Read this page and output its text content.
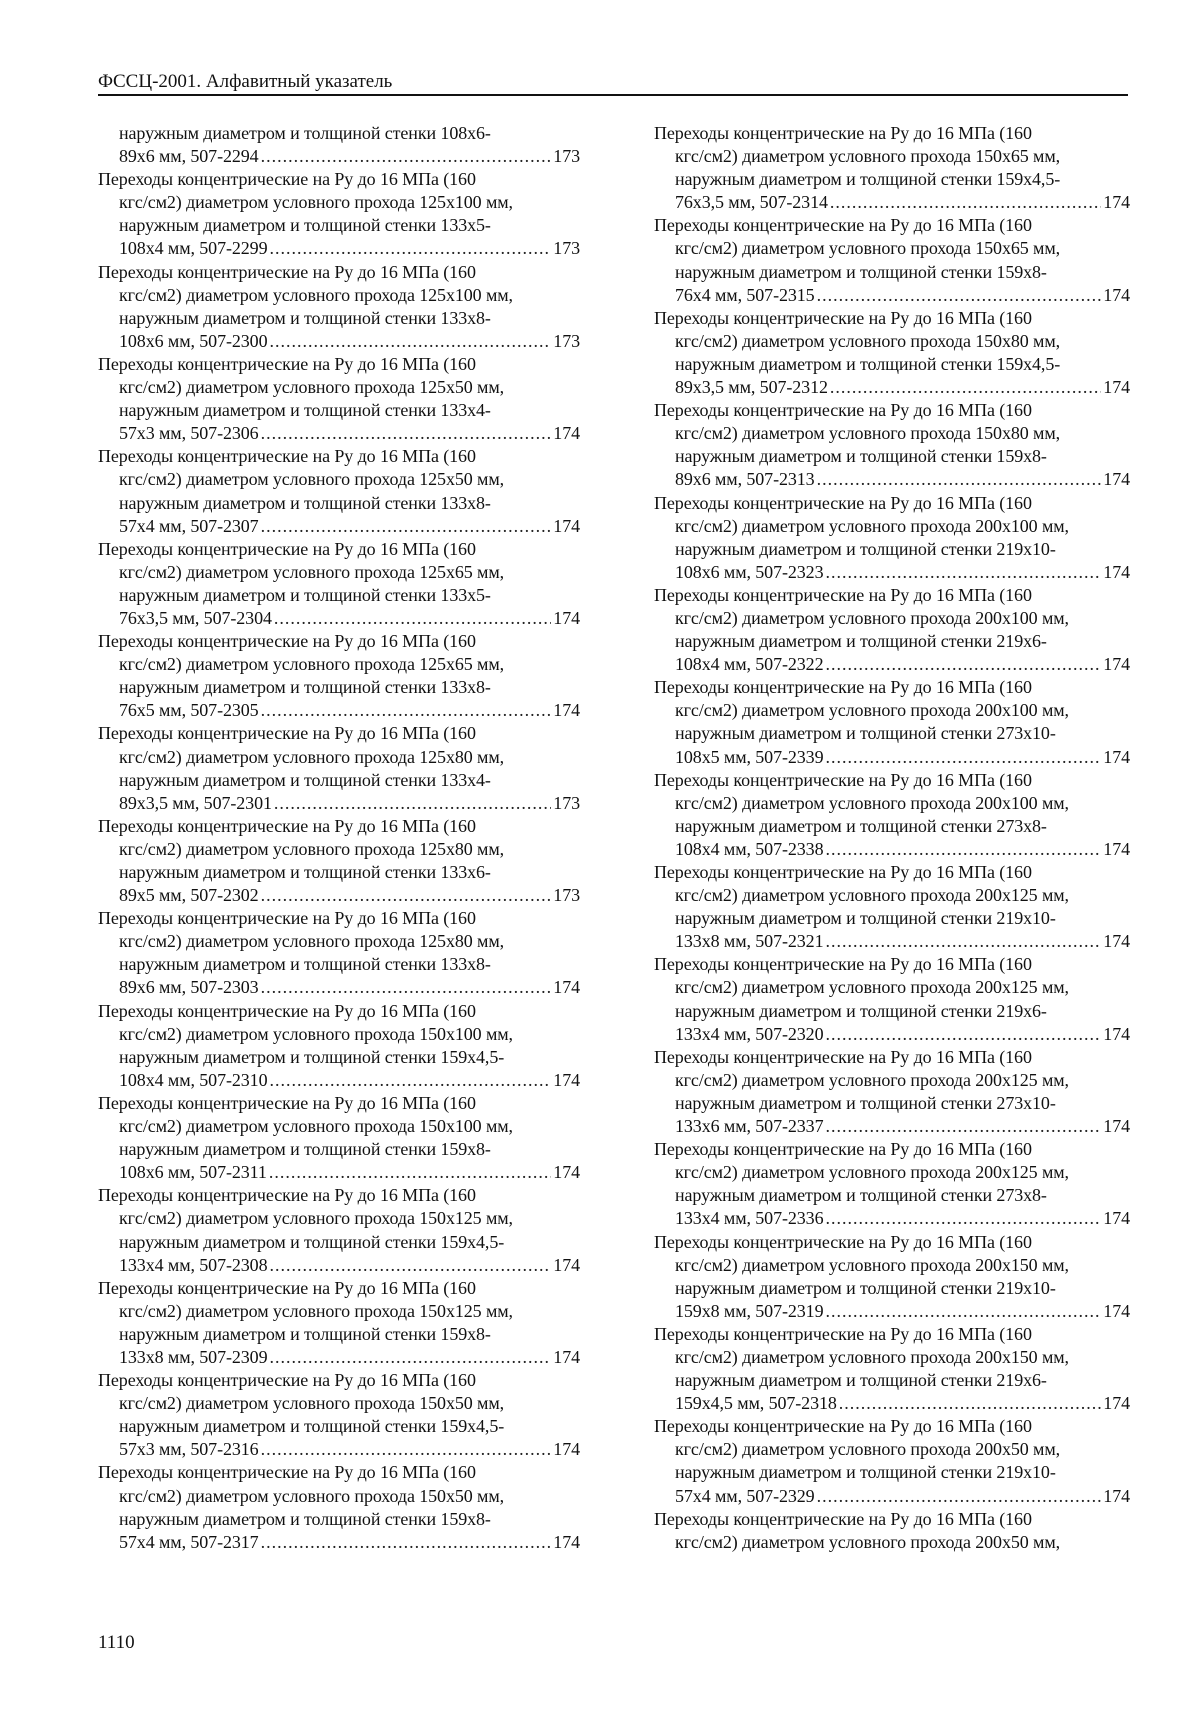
ФССЦ-2001. Алфавитный указатель
наружным диаметром и толщиной стенки 108х6-
89х6 мм, 507-2294 .....	173
Переходы концентрические на Ру до 16 МПа (160
кгс/см2) диаметром условного прохода 125х100 мм,
наружным диаметром и толщиной стенки 133х5-
108х4 мм, 507-2299 .....	173
Переходы концентрические на Ру до 16 МПа (160
кгс/см2) диаметром условного прохода 125х100 мм,
наружным диаметром и толщиной стенки 133х8-
108х6 мм, 507-2300 .....	173
Переходы концентрические на Ру до 16 МПа (160
кгс/см2) диаметром условного прохода 125х50 мм,
наружным диаметром и толщиной стенки 133х4-
57х3 мм, 507-2306 .....	174
Переходы концентрические на Ру до 16 МПа (160
кгс/см2) диаметром условного прохода 125х50 мм,
наружным диаметром и толщиной стенки 133х8-
57х4 мм, 507-2307 .....	174
Переходы концентрические на Ру до 16 МПа (160
кгс/см2) диаметром условного прохода 125х65 мм,
наружным диаметром и толщиной стенки 133х5-
76х3,5 мм, 507-2304 .....	174
Переходы концентрические на Ру до 16 МПа (160
кгс/см2) диаметром условного прохода 125х65 мм,
наружным диаметром и толщиной стенки 133х8-
76х5 мм, 507-2305 .....	174
Переходы концентрические на Ру до 16 МПа (160
кгс/см2) диаметром условного прохода 125х80 мм,
наружным диаметром и толщиной стенки 133х4-
89х3,5 мм, 507-2301 .....	173
Переходы концентрические на Ру до 16 МПа (160
кгс/см2) диаметром условного прохода 125х80 мм,
наружным диаметром и толщиной стенки 133х6-
89х5 мм, 507-2302 .....	173
Переходы концентрические на Ру до 16 МПа (160
кгс/см2) диаметром условного прохода 125х80 мм,
наружным диаметром и толщиной стенки 133х8-
89х6 мм, 507-2303 .....	174
Переходы концентрические на Ру до 16 МПа (160
кгс/см2) диаметром условного прохода 150х100 мм,
наружным диаметром и толщиной стенки 159х4,5-
108х4 мм, 507-2310 .....	174
Переходы концентрические на Ру до 16 МПа (160
кгс/см2) диаметром условного прохода 150х100 мм,
наружным диаметром и толщиной стенки 159х8-
108х6 мм, 507-2311 .....	174
Переходы концентрические на Ру до 16 МПа (160
кгс/см2) диаметром условного прохода 150х125 мм,
наружным диаметром и толщиной стенки 159х4,5-
133х4 мм, 507-2308 .....	174
Переходы концентрические на Ру до 16 МПа (160
кгс/см2) диаметром условного прохода 150х125 мм,
наружным диаметром и толщиной стенки 159х8-
133х8 мм, 507-2309 .....	174
Переходы концентрические на Ру до 16 МПа (160
кгс/см2) диаметром условного прохода 150х50 мм,
наружным диаметром и толщиной стенки 159х4,5-
57х3 мм, 507-2316 .....	174
Переходы концентрические на Ру до 16 МПа (160
кгс/см2) диаметром условного прохода 150х50 мм,
наружным диаметром и толщиной стенки 159х8-
57х4 мм, 507-2317 .....	174
Переходы концентрические на Ру до 16 МПа (160
кгс/см2) диаметром условного прохода 150х65 мм,
наружным диаметром и толщиной стенки 159х4,5-
76х3,5 мм, 507-2314 .....	174
Переходы концентрические на Ру до 16 МПа (160
кгс/см2) диаметром условного прохода 150х65 мм,
наружным диаметром и толщиной стенки 159х8-
76х4 мм, 507-2315 .....	174
Переходы концентрические на Ру до 16 МПа (160
кгс/см2) диаметром условного прохода 150х80 мм,
наружным диаметром и толщиной стенки 159х4,5-
89х3,5 мм, 507-2312 .....	174
Переходы концентрические на Ру до 16 МПа (160
кгс/см2) диаметром условного прохода 150х80 мм,
наружным диаметром и толщиной стенки 159х8-
89х6 мм, 507-2313 .....	174
Переходы концентрические на Ру до 16 МПа (160
кгс/см2) диаметром условного прохода 200х100 мм,
наружным диаметром и толщиной стенки 219х10-
108х6 мм, 507-2323 .....	174
Переходы концентрические на Ру до 16 МПа (160
кгс/см2) диаметром условного прохода 200х100 мм,
наружным диаметром и толщиной стенки 219х6-
108х4 мм, 507-2322 .....	174
Переходы концентрические на Ру до 16 МПа (160
кгс/см2) диаметром условного прохода 200х100 мм,
наружным диаметром и толщиной стенки 273х10-
108х5 мм, 507-2339 .....	174
Переходы концентрические на Ру до 16 МПа (160
кгс/см2) диаметром условного прохода 200х100 мм,
наружным диаметром и толщиной стенки 273х8-
108х4 мм, 507-2338 .....	174
Переходы концентрические на Ру до 16 МПа (160
кгс/см2) диаметром условного прохода 200х125 мм,
наружным диаметром и толщиной стенки 219х10-
133х8 мм, 507-2321 .....	174
Переходы концентрические на Ру до 16 МПа (160
кгс/см2) диаметром условного прохода 200х125 мм,
наружным диаметром и толщиной стенки 219х6-
133х4 мм, 507-2320 .....	174
Переходы концентрические на Ру до 16 МПа (160
кгс/см2) диаметром условного прохода 200х125 мм,
наружным диаметром и толщиной стенки 273х10-
133х6 мм, 507-2337 .....	174
Переходы концентрические на Ру до 16 МПа (160
кгс/см2) диаметром условного прохода 200х125 мм,
наружным диаметром и толщиной стенки 273х8-
133х4 мм, 507-2336 .....	174
Переходы концентрические на Ру до 16 МПа (160
кгс/см2) диаметром условного прохода 200х150 мм,
наружным диаметром и толщиной стенки 219х10-
159х8 мм, 507-2319 .....	174
Переходы концентрические на Ру до 16 МПа (160
кгс/см2) диаметром условного прохода 200х150 мм,
наружным диаметром и толщиной стенки 219х6-
159х4,5 мм, 507-2318 .....	174
Переходы концентрические на Ру до 16 МПа (160
кгс/см2) диаметром условного прохода 200х50 мм,
наружным диаметром и толщиной стенки 219х10-
57х4 мм, 507-2329 .....	174
Переходы концентрические на Ру до 16 МПа (160
кгс/см2) диаметром условного прохода 200х50 мм,
1110
